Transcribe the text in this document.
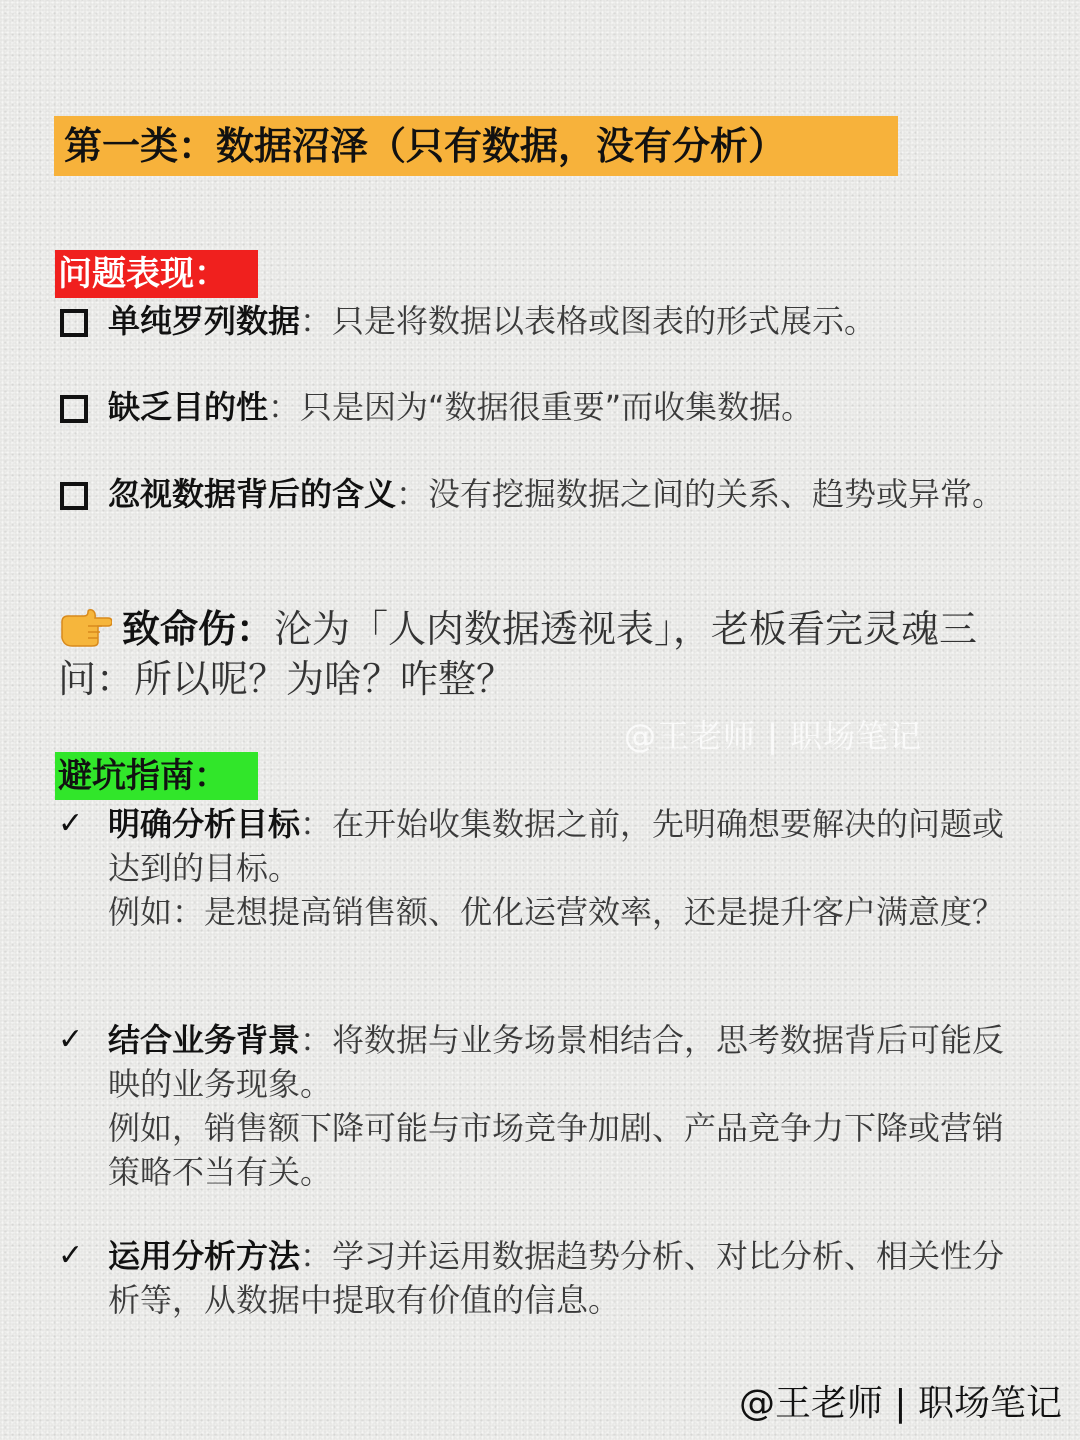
第一类：数据沼泽（只有数据，没有分析）
问题表现：
单纯罗列数据：只是将数据以表格或图表的形式展示。
缺乏目的性：只是因为“数据很重要”而收集数据。
忽视数据背后的含义：没有挖掘数据之间的关系、趋势或异常。
致命伤：沦为「人肉数据透视表」，老板看完灵魂三问：所以呢？为啥？咋整？
@王老师 | 职场笔记
避坑指南：
✓ 明确分析目标：在开始收集数据之前，先明确想要解决的问题或达到的目标。
例如：是想提高销售额、优化运营效率，还是提升客户满意度？
✓ 结合业务背景：将数据与业务场景相结合，思考数据背后可能反映的业务现象。
例如，销售额下降可能与市场竞争加剧、产品竞争力下降或营销策略不当有关。
✓ 运用分析方法：学习并运用数据趋势分析、对比分析、相关性分析等，从数据中提取有价值的信息。
@王老师 | 职场笔记
